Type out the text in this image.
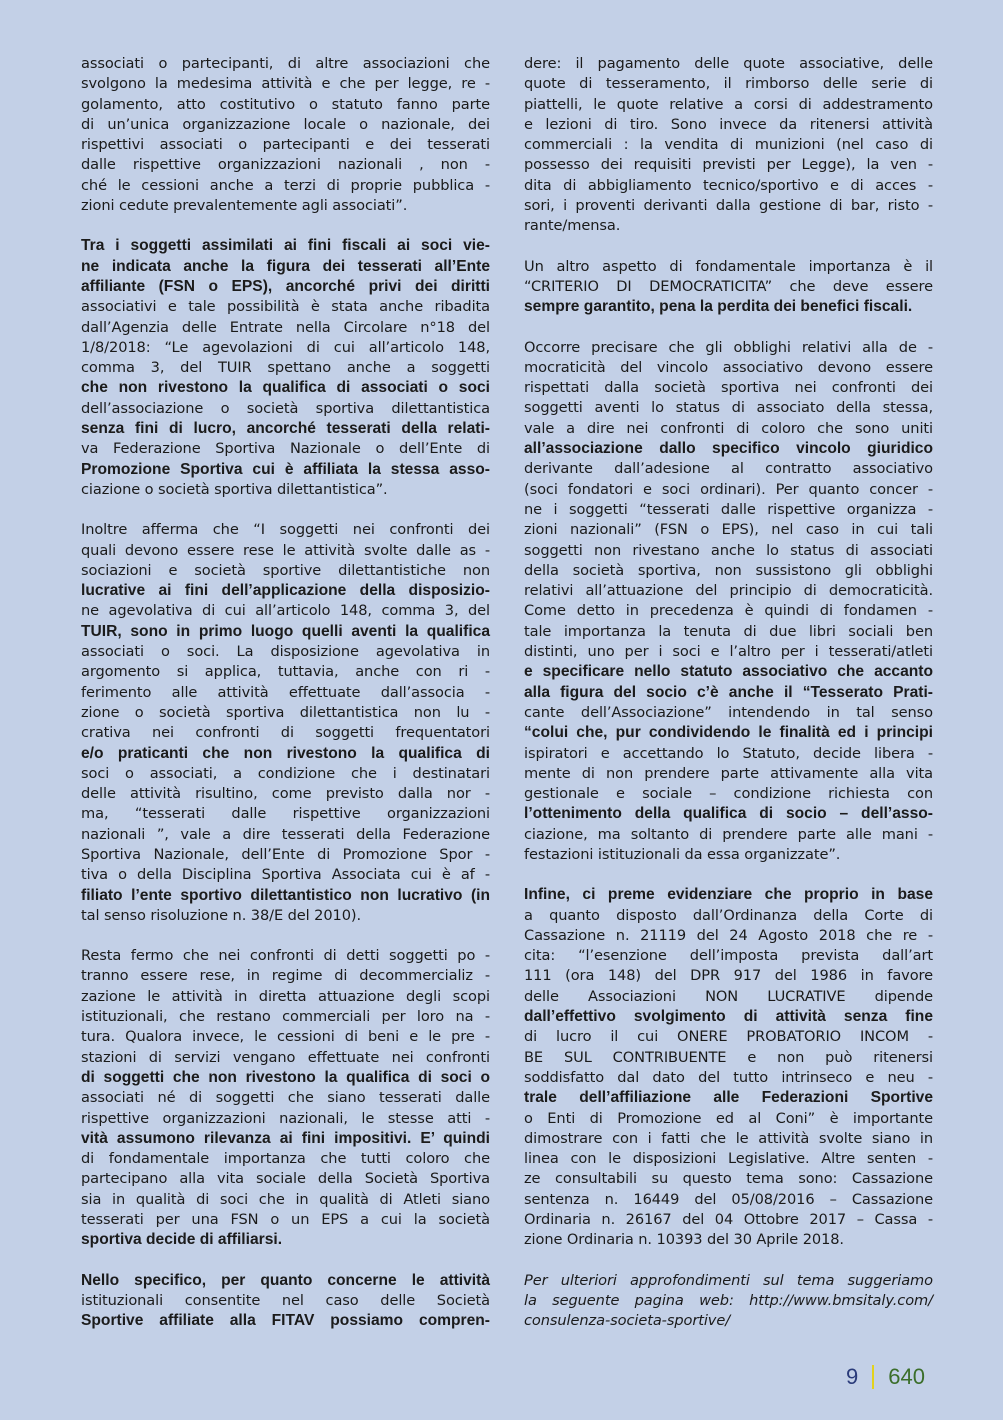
associati o partecipanti, di altre associazioni che
svolgono la medesima attività e che per legge, re -
golamento, atto costitutivo o statuto fanno parte
di un’unica organizzazione locale o nazionale, dei
rispettivi associati o partecipanti e dei tesserati
dalle rispettive organizzazioni nazionali , non -
ché le cessioni anche a terzi di proprie pubblica -
zioni cedute prevalentemente agli associati”.
Tra i soggetti assimilati ai fini fiscali ai soci vie-
ne indicata anche la figura dei tesserati all’Ente
affiliante (FSN o EPS), ancorché privi dei diritti
associativi e tale possibilità è stata anche ribadita
dall’Agenzia delle Entrate nella Circolare n°18 del
1/8/2018: “Le agevolazioni di cui all’articolo 148,
comma 3, del TUIR spettano anche a soggetti
che non rivestono la qualifica di associati o soci
dell’associazione o società sportiva dilettantistica
senza fini di lucro, ancorché tesserati della relati-
va Federazione Sportiva Nazionale o dell’Ente di
Promozione Sportiva cui è affiliata la stessa asso-
ciazione o società sportiva dilettantistica”.
Inoltre afferma che “I soggetti nei confronti dei
quali devono essere rese le attività svolte dalle as -
sociazioni e società sportive dilettantistiche non
lucrative ai fini dell’applicazione della disposizio-
ne agevolativa di cui all’articolo 148, comma 3, del
TUIR, sono in primo luogo quelli aventi la qualifica
associati o soci. La disposizione agevolativa in
argomento si applica, tuttavia, anche con ri -
ferimento alle attività effettuate dall’associa -
zione o società sportiva dilettantistica non lu -
crativa nei confronti di soggetti frequentatori
e/o praticanti che non rivestono la qualifica di
soci o associati, a condizione che i destinatari
delle attività risultino, come previsto dalla nor -
ma, “tesserati dalle rispettive organizzazioni
nazionali ”, vale a dire tesserati della Federazione
Sportiva Nazionale, dell’Ente di Promozione Spor -
tiva o della Disciplina Sportiva Associata cui è af -
filiato l’ente sportivo dilettantistico non lucrativo (in
tal senso risoluzione n. 38/E del 2010).
Resta fermo che nei confronti di detti soggetti po -
tranno essere rese, in regime di decommercializ -
zazione le attività in diretta attuazione degli scopi
istituzionali, che restano commerciali per loro na -
tura. Qualora invece, le cessioni di beni e le pre -
stazioni di servizi vengano effettuate nei confronti
di soggetti che non rivestono la qualifica di soci o
associati né di soggetti che siano tesserati dalle
rispettive organizzazioni nazionali, le stesse atti -
vità assumono rilevanza ai fini impositivi. E’ quindi
di fondamentale importanza che tutti coloro che
partecipano alla vita sociale della Società Sportiva
sia in qualità di soci che in qualità di Atleti siano
tesserati per una FSN o un EPS a cui la società
sportiva decide di affiliarsi.
Nello specifico, per quanto concerne le attività
istituzionali consentite nel caso delle Società
Sportive affiliate alla FITAV possiamo compren-
dere: il pagamento delle quote associative, delle
quote di tesseramento, il rimborso delle serie di
piattelli, le quote relative a corsi di addestramento
e lezioni di tiro. Sono invece da ritenersi attività
commerciali : la vendita di munizioni (nel caso di
possesso dei requisiti previsti per Legge), la ven -
dita di abbigliamento tecnico/sportivo e di acces -
sori, i proventi derivanti dalla gestione di bar, risto -
rante/mensa.
Un altro aspetto di fondamentale importanza è il
“CRITERIO DI DEMOCRATICITA” che deve essere
sempre garantito, pena la perdita dei benefici fiscali.
Occorre precisare che gli obblighi relativi alla de -
mocraticità del vincolo associativo devono essere
rispettati dalla società sportiva nei confronti dei
soggetti aventi lo status di associato della stessa,
vale a dire nei confronti di coloro che sono uniti
all’associazione dallo specifico vincolo giuridico
derivante dall’adesione al contratto associativo
(soci fondatori e soci ordinari). Per quanto concer -
ne i soggetti “tesserati dalle rispettive organizza -
zioni nazionali” (FSN o EPS), nel caso in cui tali
soggetti non rivestano anche lo status di associati
della società sportiva, non sussistono gli obblighi
relativi all’attuazione del principio di democraticità.
Come detto in precedenza è quindi di fondamen -
tale importanza la tenuta di due libri sociali ben
distinti, uno per i soci e l’altro per i tesserati/atleti
e specificare nello statuto associativo che accanto
alla figura del socio c’è anche il “Tesserato Prati-
cante dell’Associazione” intendendo in tal senso
“colui che, pur condividendo le finalità ed i principi
ispiratori e accettando lo Statuto, decide libera -
mente di non prendere parte attivamente alla vita
gestionale e sociale – condizione richiesta con
l’ottenimento della qualifica di socio – dell’asso-
ciazione, ma soltanto di prendere parte alle mani -
festazioni istituzionali da essa organizzate”.
Infine, ci preme evidenziare che proprio in base
a quanto disposto dall’Ordinanza della Corte di
Cassazione n. 21119 del 24 Agosto 2018 che re -
cita: “l’esenzione dell’imposta prevista dall’art
111 (ora 148) del DPR 917 del 1986 in favore
delle Associazioni NON LUCRATIVE dipende
dall’effettivo svolgimento di attività senza fine
di lucro il cui ONERE PROBATORIO INCOM -
BE SUL CONTRIBUENTE e non può ritenersi
soddisfatto dal dato del tutto intrinseco e neu -
trale dell’affiliazione alle Federazioni Sportive
o Enti di Promozione ed al Coni” è importante
dimostrare con i fatti che le attività svolte siano in
linea con le disposizioni Legislative. Altre senten -
ze consultabili su questo tema sono: Cassazione
sentenza n. 16449 del 05/08/2016 – Cassazione
Ordinaria n. 26167 del 04 Ottobre 2017 – Cassa -
zione Ordinaria n. 10393 del 30 Aprile 2018.
Per ulteriori approfondimenti sul tema suggeriamo
la seguente pagina web: http://www.bmsitaly.com/
consulenza-societa-sportive/
9 640
